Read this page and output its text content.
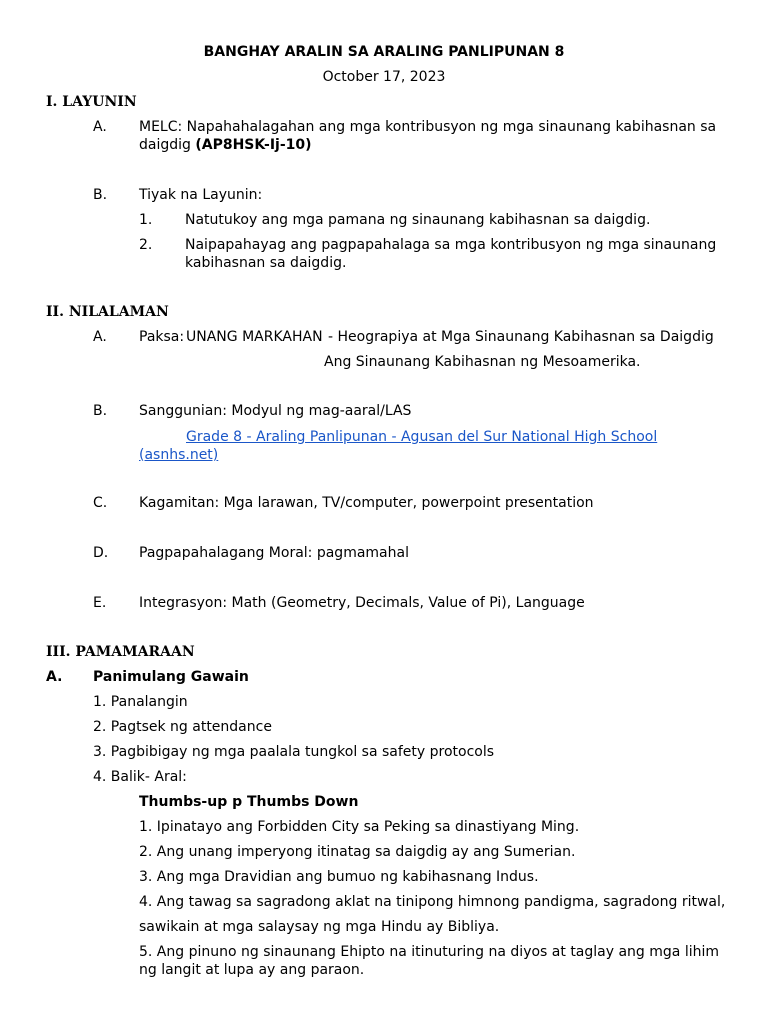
BANGHAY ARALIN SA ARALING PANLIPUNAN 8
October 17, 2023
I. LAYUNIN
A. MELC: Napahahalagahan ang mga kontribusyon ng mga sinaunang kabihasnan sa
daigdig (AP8HSK-Ij-10)
B. Tiyak na Layunin:
1. Natutukoy ang mga pamana ng sinaunang kabihasnan sa daigdig.
2. Naipapahayag ang pagpapahalaga sa mga kontribusyon ng mga sinaunang
kabihasnan sa daigdig.
II. NILALAMAN
A. Paksa: UNANG MARKAHAN - Heograpiya at Mga Sinaunang Kabihasnan sa Daigdig
Ang Sinaunang Kabihasnan ng Mesoamerika.
B. Sanggunian: Modyul ng mag-aaral/LAS
Grade 8 - Araling Panlipunan - Agusan del Sur National High School
(asnhs.net)
C. Kagamitan: Mga larawan, TV/computer, powerpoint presentation
D. Pagpapahalagang Moral: pagmamahal
E. Integrasyon: Math (Geometry, Decimals, Value of Pi), Language
III. PAMAMARAAN
A. Panimulang Gawain
1. Panalangin
2. Pagtsek ng attendance
3. Pagbibigay ng mga paalala tungkol sa safety protocols
4. Balik- Aral:
Thumbs-up p Thumbs Down
1. Ipinatayo ang Forbidden City sa Peking sa dinastiyang Ming.
2. Ang unang imperyong itinatag sa daigdig ay ang Sumerian.
3. Ang mga Dravidian ang bumuo ng kabihasnang Indus.
4. Ang tawag sa sagradong aklat na tinipong himnong pandigma, sagradong ritwal,
sawikain at mga salaysay ng mga Hindu ay Bibliya.
5. Ang pinuno ng sinaunang Ehipto na itinuturing na diyos at taglay ang mga lihim
ng langit at lupa ay ang paraon.
